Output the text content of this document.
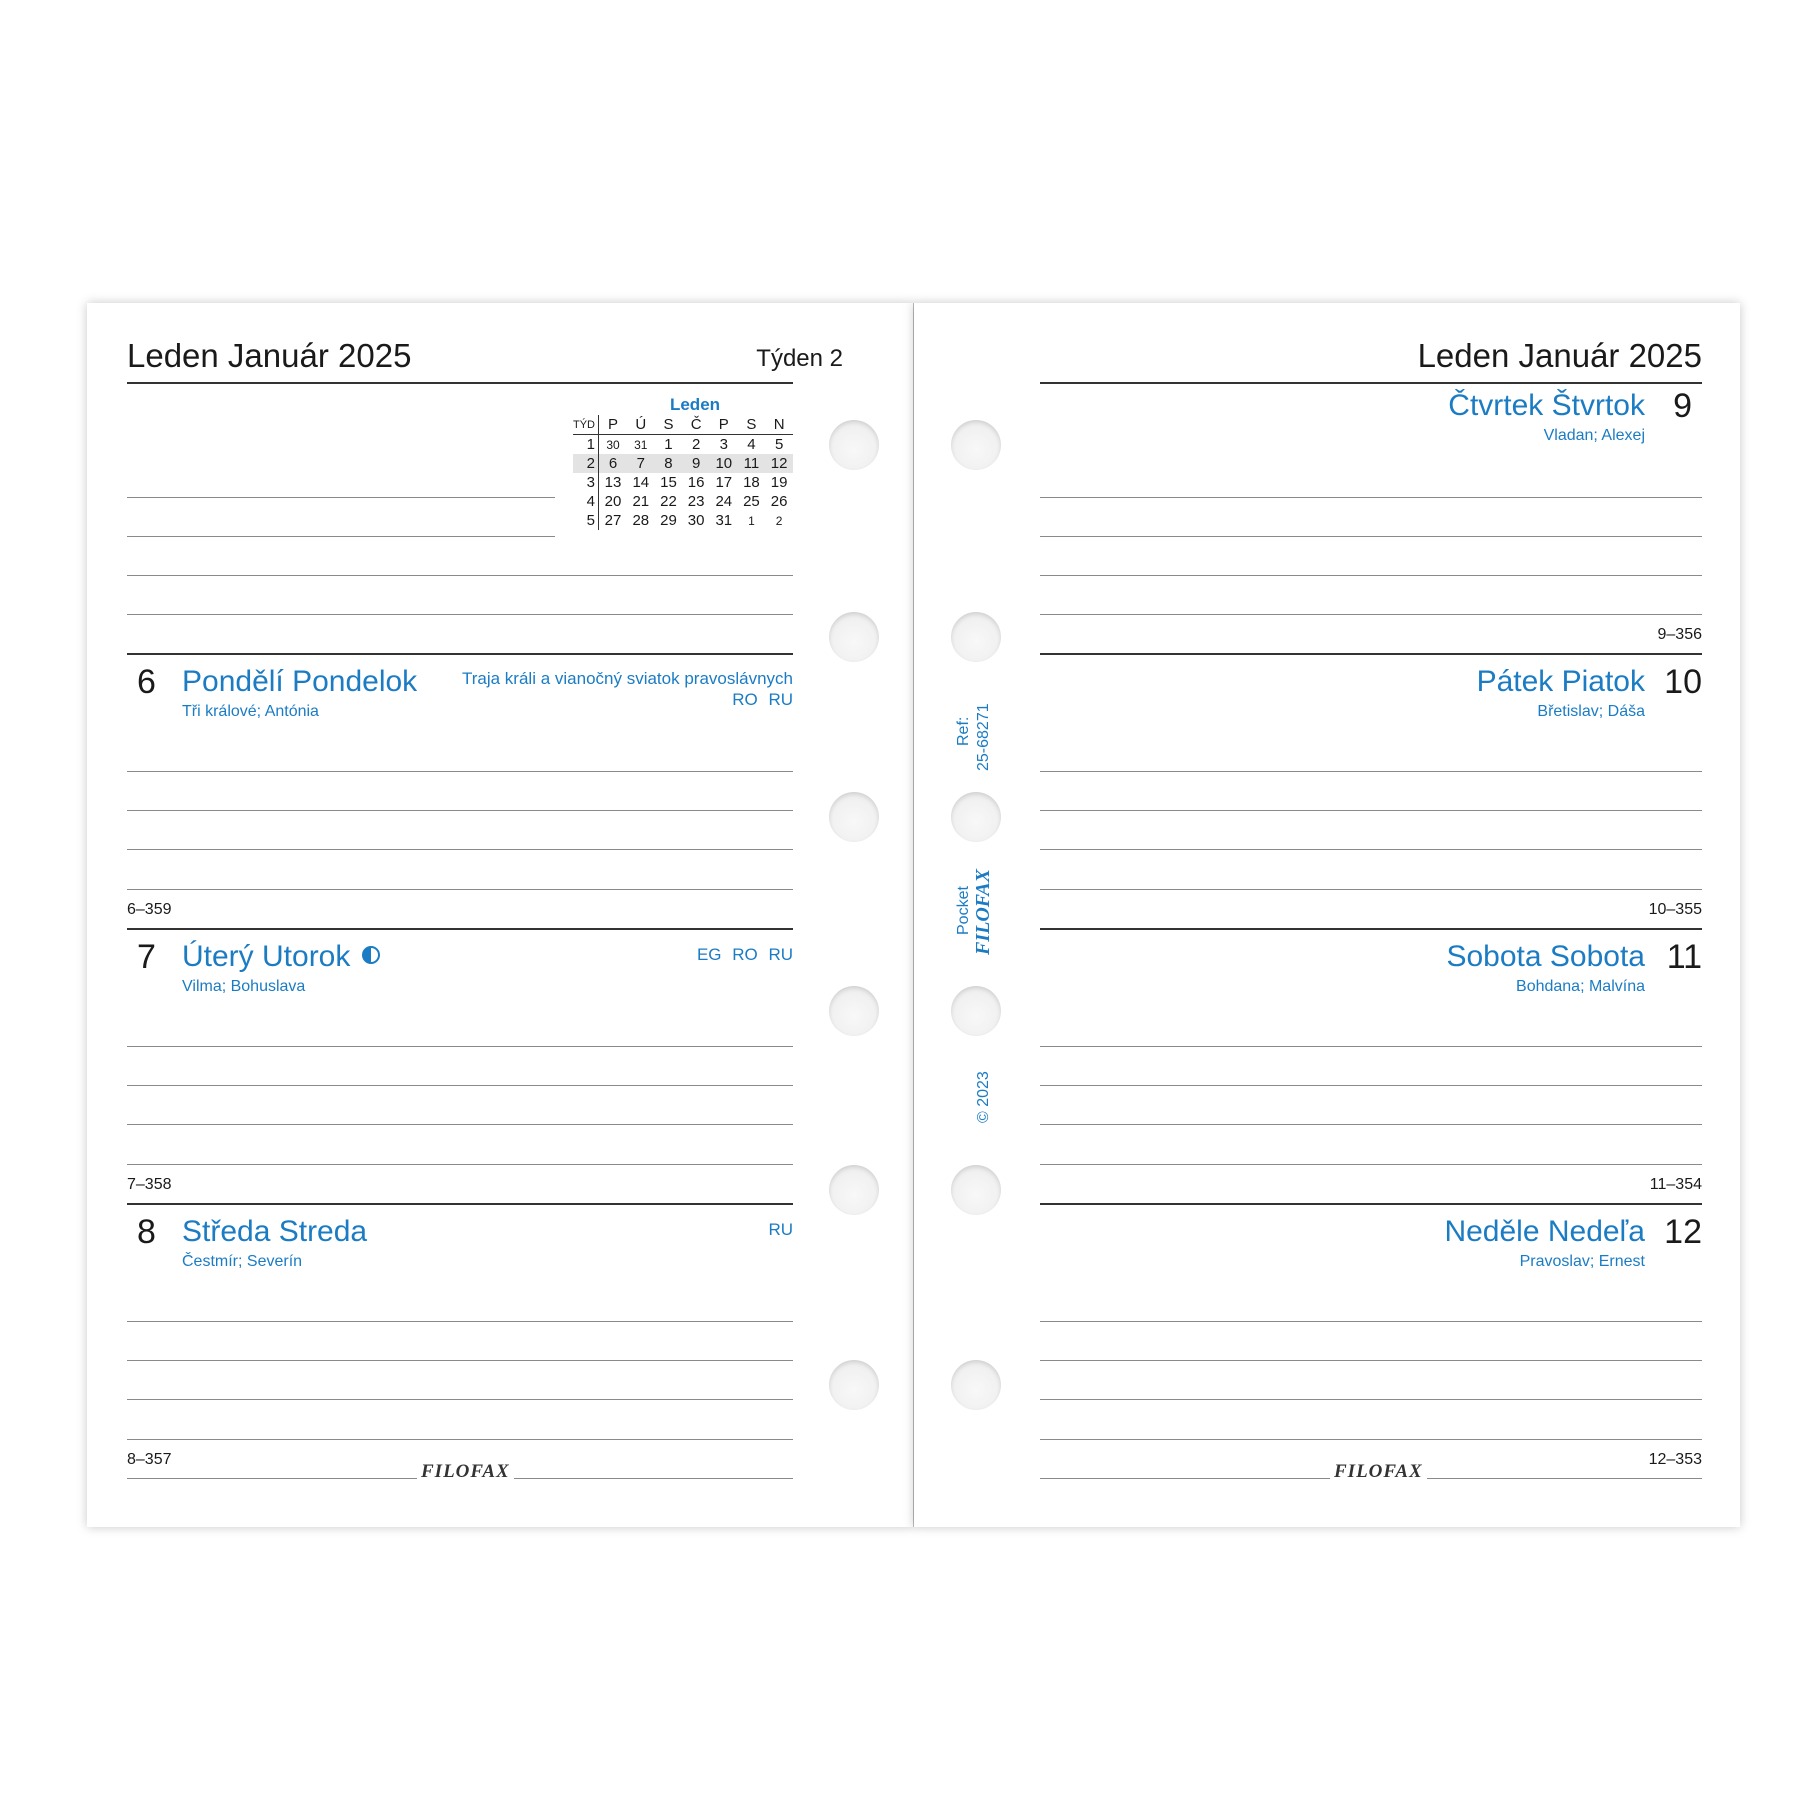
Leden Január 2025	Týden 2
Leden
TÝD	P	Ú	S	Č	P	S	N
1	30	31	1	2	3	4	5
2	6	7	8	9	10	11	12
3	13	14	15	16	17	18	19
4	20	21	22	23	24	25	26
5	27	28	29	30	31	1	2
6 Pondělí Pondelok
Tři králové; Antónia
Traja králi a vianočný sviatok pravoslávnych
RO RU
6–359
7 Úterý Utorok
Vilma; Bohuslava
EG RO RU
7–358
8 Středa Streda
Čestmír; Severín
RU
8–357
FILOFAX
Leden Január 2025
9
Čtvrtek Štvrtok
Vladan; Alexej
9–356
10
Pátek Piatok
Břetislav; Dáša
10–355
11
Sobota Sobota
Bohdana; Malvína
11–354
12
Neděle Nedeľa
Pravoslav; Ernest
12–353
FILOFAX
Ref: 25-68271
Pocket FILOFAX
© 2023
